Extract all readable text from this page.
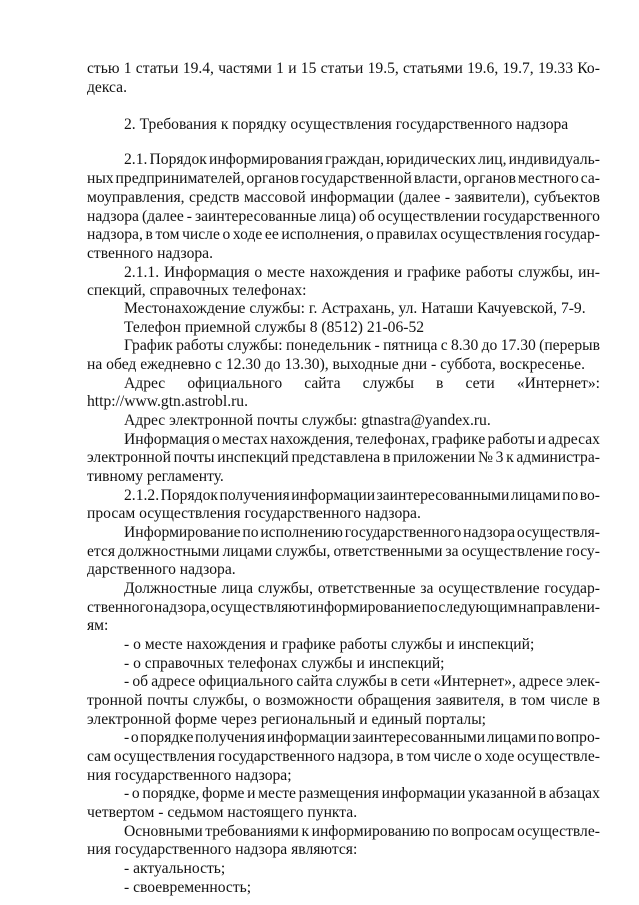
стью 1 статьи 19.4, частями 1 и 15 статьи 19.5, статьями 19.6, 19.7, 19.33 Ко-
декса.
2. Требования к порядку осуществления государственного надзора
2.1. Порядок информирования граждан, юридических лиц, индивидуаль-
ных предпринимателей, органов государственной власти, органов местного са-
моуправления, средств массовой информации (далее - заявители), субъектов
надзора (далее - заинтересованные лица) об осуществлении государственного
надзора, в том числе о ходе ее исполнения, о правилах осуществления государ-
ственного надзора.
2.1.1. Информация о месте нахождения и графике работы службы, ин-
спекций, справочных телефонах:
Местонахождение службы: г. Астрахань, ул. Наташи Качуевской, 7-9.
Телефон приемной службы 8 (8512) 21-06-52
График работы службы: понедельник - пятница с 8.30 до 17.30 (перерыв
на обед ежедневно с 12.30 до 13.30), выходные дни - суббота, воскресенье.
Адрес официального сайта службы в сети «Интернет»:
http://www.gtn.astrobl.ru.
Адрес электронной почты службы: gtnastra@yandex.ru.
Информация о местах нахождения, телефонах, графике работы и адресах
электронной почты инспекций представлена в приложении № 3 к администра-
тивному регламенту.
2.1.2. Порядок получения информации заинтересованными лицами по во-
просам осуществления государственного надзора.
Информирование по исполнению государственного надзора осуществля-
ется должностными лицами службы, ответственными за осуществление госу-
дарственного надзора.
Должностные лица службы, ответственные за осуществление государ-
ственного надзора, осуществляют информирование по следующим направлени-
ям:
- о месте нахождения и графике работы службы и инспекций;
- о справочных телефонах службы и инспекций;
- об адресе официального сайта службы в сети «Интернет», адресе элек-
тронной почты службы, о возможности обращения заявителя, в том числе в
электронной форме через региональный и единый порталы;
- о порядке получения информации заинтересованными лицами по вопро-
сам осуществления государственного надзора, в том числе о ходе осуществле-
ния государственного надзора;
- о порядке, форме и месте размещения информации указанной в абзацах
четвертом - седьмом настоящего пункта.
Основными требованиями к информированию по вопросам осуществле-
ния государственного надзора являются:
- актуальность;
- своевременность;
